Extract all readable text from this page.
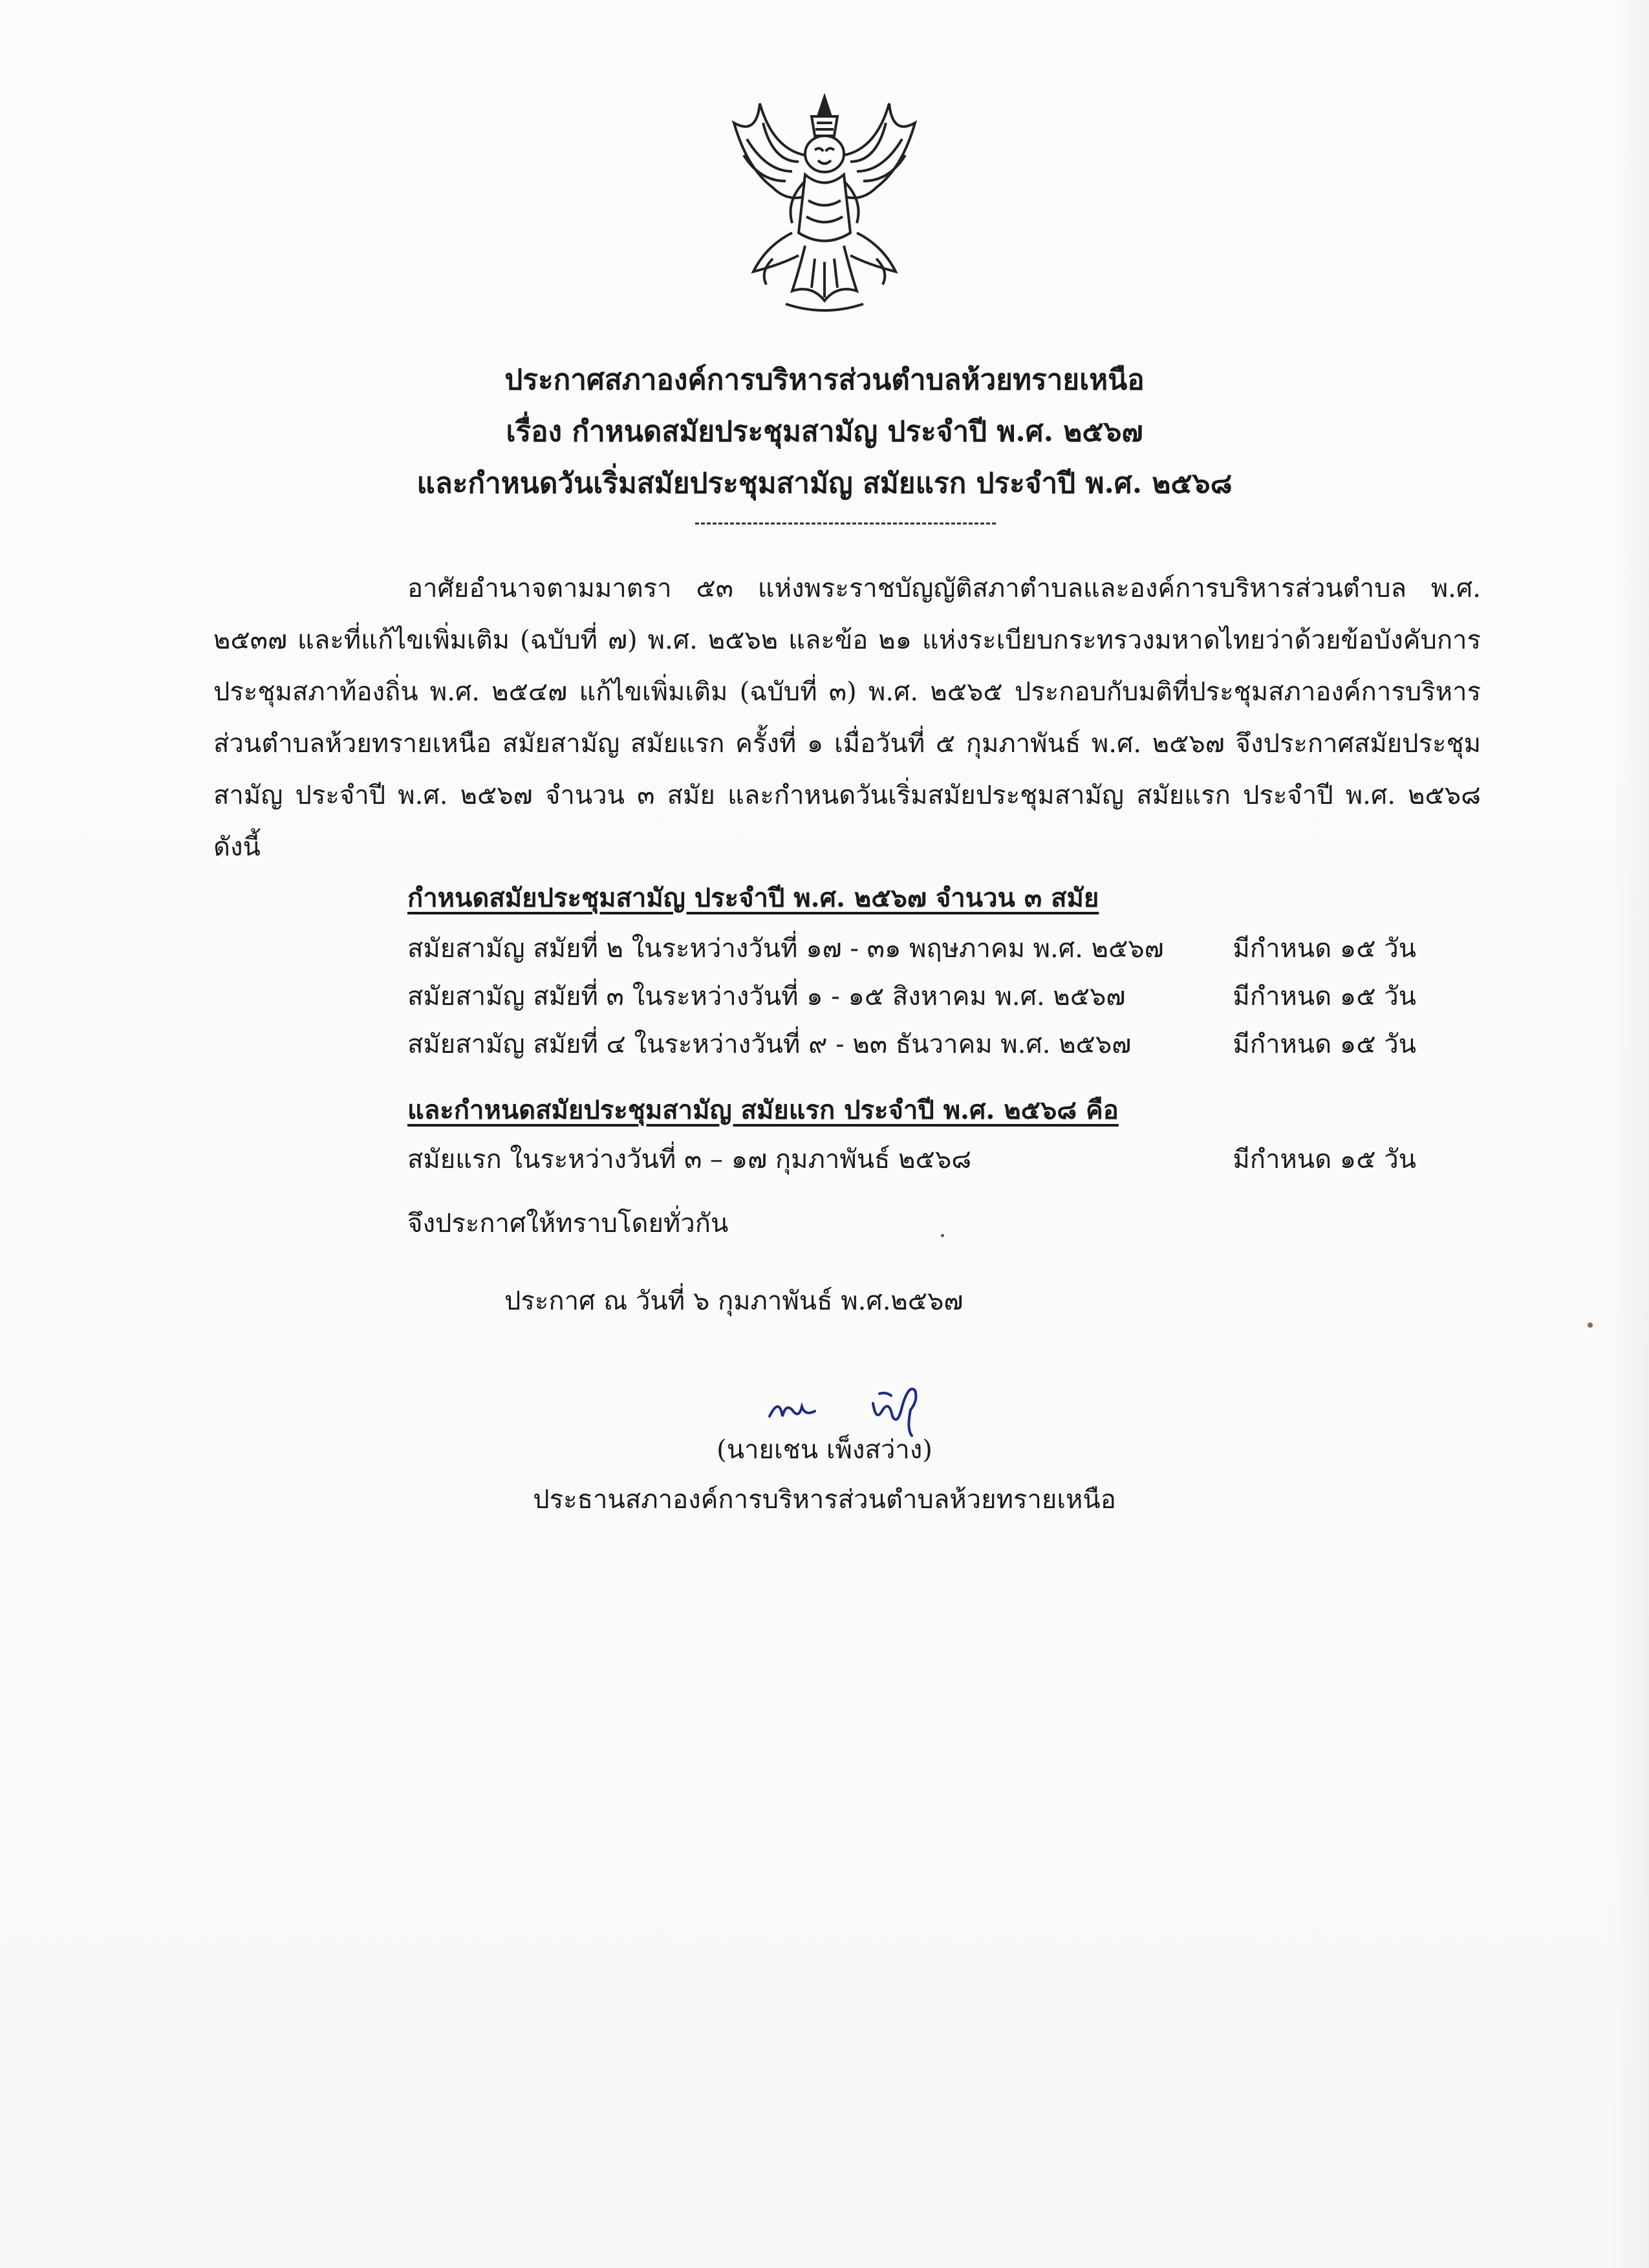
ประกาศสภาองค์การบริหารส่วนตำบลห้วยทรายเหนือ
เรื่อง กำหนดสมัยประชุมสามัญ ประจำปี พ.ศ. ๒๕๖๗
และกำหนดวันเริ่มสมัยประชุมสามัญ สมัยแรก ประจำปี พ.ศ. ๒๕๖๘

อาศัยอำนาจตามมาตรา ๕๓ แห่งพระราชบัญญัติสภาตำบลและองค์การบริหารส่วนตำบล พ.ศ. ๒๕๓๗ และที่แก้ไขเพิ่มเติม (ฉบับที่ ๗) พ.ศ. ๒๕๖๒ และข้อ ๒๑ แห่งระเบียบกระทรวงมหาดไทยว่าด้วยข้อบังคับการประชุมสภาท้องถิ่น พ.ศ. ๒๕๔๗ แก้ไขเพิ่มเติม (ฉบับที่ ๓) พ.ศ. ๒๕๖๕ ประกอบกับมติที่ประชุมสภาองค์การบริหารส่วนตำบลห้วยทรายเหนือ สมัยสามัญ สมัยแรก ครั้งที่ ๑ เมื่อวันที่ ๕ กุมภาพันธ์ พ.ศ. ๒๕๖๗ จึงประกาศสมัยประชุมสามัญ ประจำปี พ.ศ. ๒๕๖๗ จำนวน ๓ สมัย และกำหนดวันเริ่มสมัยประชุมสามัญ สมัยแรก ประจำปี พ.ศ. ๒๕๖๘ ดังนี้

กำหนดสมัยประชุมสามัญ ประจำปี พ.ศ. ๒๕๖๗ จำนวน ๓ สมัย
สมัยสามัญ สมัยที่ ๒ ในระหว่างวันที่ ๑๗ - ๓๑ พฤษภาคม พ.ศ. ๒๕๖๗	มีกำหนด ๑๕ วัน
สมัยสามัญ สมัยที่ ๓ ในระหว่างวันที่ ๑ - ๑๕ สิงหาคม พ.ศ. ๒๕๖๗	มีกำหนด ๑๕ วัน
สมัยสามัญ สมัยที่ ๔ ในระหว่างวันที่ ๙ - ๒๓ ธันวาคม พ.ศ. ๒๕๖๗	มีกำหนด ๑๕ วัน
และกำหนดสมัยประชุมสามัญ สมัยแรก ประจำปี พ.ศ. ๒๕๖๘ คือ
สมัยแรก ในระหว่างวันที่ ๓ – ๑๗ กุมภาพันธ์ ๒๕๖๘	มีกำหนด ๑๕ วัน
จึงประกาศให้ทราบโดยทั่วกัน
ประกาศ ณ วันที่ ๖ กุมภาพันธ์ พ.ศ.๒๕๖๗
(นายเชน เพ็งสว่าง)
ประธานสภาองค์การบริหารส่วนตำบลห้วยทรายเหนือ
